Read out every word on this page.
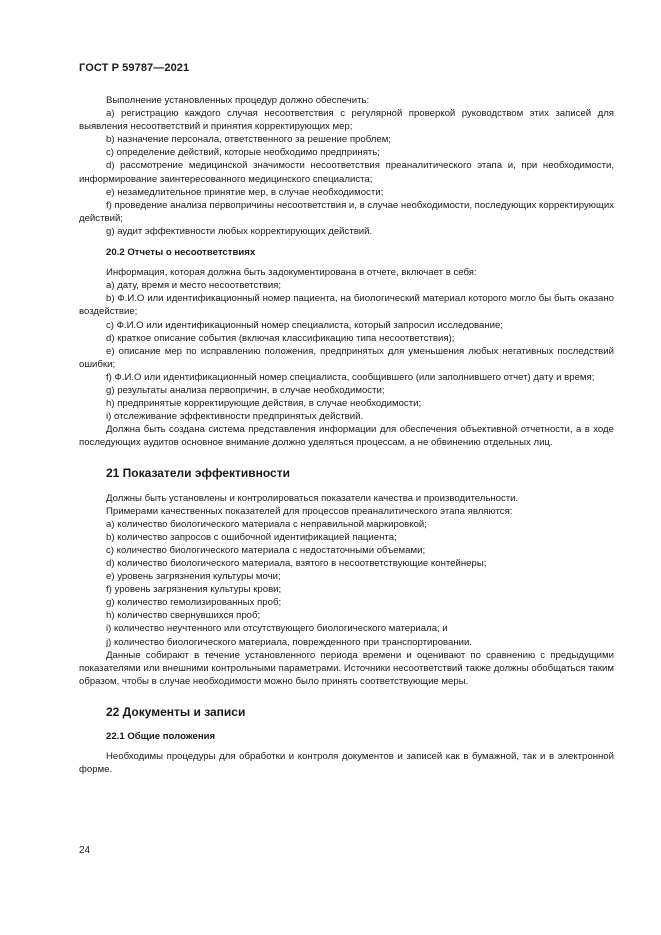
ГОСТ Р 59787—2021

Выполнение установленных процедур должно обеспечить:

a) регистрацию каждого случая несоответствия с регулярной проверкой руководством этих записей для выявления несоответствий и принятия корректирующих мер;

b) назначение персонала, ответственного за решение проблем;

c) определение действий, которые необходимо предпринять;

d) рассмотрение медицинской значимости несоответствия преаналитического этапа и, при необходимости, информирование заинтересованного медицинского специалиста;

e) незамедлительное принятие мер, в случае необходимости;

f) проведение анализа первопричины несоответствия и, в случае необходимости, последующих корректирующих действий;

g) аудит эффективности любых корректирующих действий.

20.2 Отчеты о несоответствиях

Информация, которая должна быть задокументирована в отчете, включает в себя:

a) дату, время и место несоответствия;

b) Ф.И.О или идентификационный номер пациента, на биологический материал которого могло бы быть оказано воздействие;

c) Ф.И.О или идентификационный номер специалиста, который запросил исследование;

d) краткое описание события (включая классификацию типа несоответствия);

e) описание мер по исправлению положения, предпринятых для уменьшения любых негативных последствий ошибки;

f) Ф.И.О или идентификационный номер специалиста, сообщившего (или заполнившего отчет) дату и время;

g) результаты анализа первопричин, в случае необходимости;

h) предпринятые корректирующие действия, в случае необходимости;

i) отслеживание эффективности предпринятых действий.

Должна быть создана система представления информации для обеспечения объективной отчетности, а в ходе последующих аудитов основное внимание должно уделяться процессам, а не обвинению отдельных лиц.

21 Показатели эффективности

Должны быть установлены и контролироваться показатели качества и производительности.

Примерами качественных показателей для процессов преаналитического этапа являются:

a) количество биологического материала с неправильной маркировкой;

b) количество запросов с ошибочной идентификацией пациента;

c) количество биологического материала с недостаточными объемами;

d) количество биологического материала, взятого в несоответствующие контейнеры;

e) уровень загрязнения культуры мочи;

f) уровень загрязнения культуры крови;

g) количество гемолизированных проб;

h) количество свернувшихся проб;

i) количество неучтенного или отсутствующего биологического материала; и

j) количество биологического материала, поврежденного при транспортировании.

Данные собирают в течение установленного периода времени и оценивают по сравнению с предыдущими показателями или внешними контрольными параметрами. Источники несоответствий также должны обобщаться таким образом, чтобы в случае необходимости можно было принять соответствующие меры.

22 Документы и записи
22.1 Общие положения

Необходимы процедуры для обработки и контроля документов и записей как в бумажной, так и в электронной форме.

24
